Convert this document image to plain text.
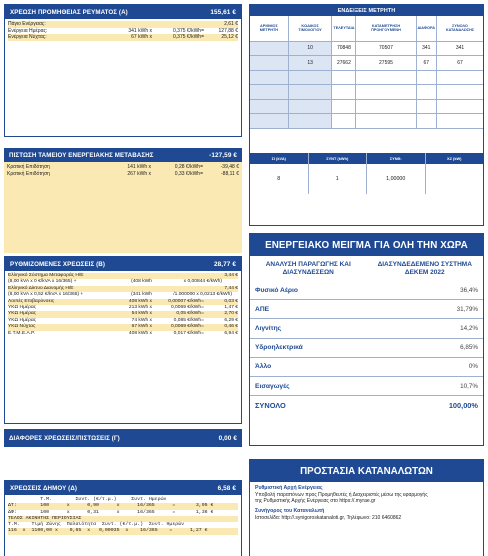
ΧΡΕΩΣΗ ΠΡΟΜΗΘΕΙΑΣ ΡΕΥΜΑΤΟΣ (Α)	155,61 €
Πάγιο Ενέργειας:	2,61 €
Ενέργεια Ημέρας:	341 kWh x	0,375 €/kWh=	127,88 €
Ενέργεια Νύχτας:	67 kWh x	0,375 €/kWh=	25,12 €
ΠΙΣΤΩΣΗ ΤΑΜΕΙΟΥ ΕΝΕΡΓΕΙΑΚΗΣ ΜΕΤΑΒΑΣΗΣ	-127,59 €
Κρατική Επιδότηση	141 kWh x	0,28 €/kWh=	-39,48 €
Κρατική Επιδότηση	267 kWh x	0,33 €/kWh=	-88,11 €
ΡΥΘΜΙΖΟΜΕΝΕΣ ΧΡΕΩΣΕΙΣ (Β)	28,77 €
Ελληνικό Σύστημα Μεταφοράς Η/Ε	3,44 €
(8,00 kVA x 0 €/kVA x 16/365) +	(408 kWh	x 0,00844 €/kWh)
Ελληνικό Δίκτυο Διανομής Η/Ε	7,44 €
(8,00 kVA x 0,52 €/kVA x 16/365) +	(341 kWh	/1.000000 x 0,0213 €/kWh)
Λοιπές Επιβαρύνσεις	408 kWh x	0,00007 €/kWh=	0,03 €
ΥΚΩ Ημέρας	213 kWh x	0,0069 €/kWh=	1,47 €
ΥΚΩ Ημέρας	54 kWh x	0,05 €/kWh=	2,70 €
ΥΚΩ Ημέρας	74 kWh x	0,085 €/kWh=	6,29 €
ΥΚΩ Νύχτας	67 kWh x	0,0069 €/kWh=	0,46 €
Ε.Τ.Μ.Ε.Α.Ρ.	408 kWh x	0,017 €/kWh=	6,94 €
ΔΙΑΦΟΡΕΣ ΧΡΕΩΣΕΙΣ/ΠΙΣΤΩΣΕΙΣ (Γ)	0,00 €
ΧΡΕΩΣΕΙΣ ΔΗΜΟΥ (Δ)	6,58 €
Τ.Μ.        Συντ. (€/τ.μ.)     Συντ. Ημερών
ΔΤ:        100      x      0,90      x      16/365      =       3,95 €
ΔΦ:        100      x      0,31      x      16/365      =       1,36 €
ΤΕΛΟΣ ΑΚΙΝΗΤΗΣ ΠΕΡΙΟΥΣΙΑΣ
Τ.Μ.    Τιμή Ζώνης  Παλαιότητα  Συντ. (€/τ.μ.)  Συντ. Ημερών
116  x  1100,00 x    0,65  x   0,00035  x    16/365    =      1,27 €
ΕΝΔΕΙΞΕΙΣ ΜΕΤΡΗΤΗ
ΑΡΙΘΜΟΣ ΜΕΤΡΗΤΗ	ΚΩΔΙΚΟΣ ΤΙΜΟΛΟΓΙΟΥ	ΤΕΛΕΥΤΑΙΑ	ΚΑΤΑΜΕΤΡΗΣΗ ΠΡΟΗΓΟΥΜΕΝΗ	ΔΙΑΦΟΡΑ	ΣΥΝΟΛΟ ΚΑΤΑΝΑΛΩΣΗΣ
	10	70848	70507	341	341
	13	27662	27595	67	67

ΣΙ (kVA)	ΣΥΝΤ (kWh)	ΣΥΝΘ.	ΧΖ (kW)
8	1	1,00000
ΕΝΕΡΓΕΙΑΚΟ ΜΕΙΓΜΑ ΓΙΑ ΟΛΗ ΤΗΝ ΧΩΡΑ
ΑΝΑΛΥΣΗ ΠΑΡΑΓΩΓΗΣ ΚΑΙ ΔΙΑΣΥΝΔΕΣΕΩΝ
ΔΙΑΣΥΝΔΕΔΕΜΕΝΟ ΣΥΣΤΗΜΑ ΔΕΚΕΜ 2022
Φυσικό Αέριο	36,4%
ΑΠΕ	31,79%
Λιγνίτης	14,2%
Υδροηλεκτρικά	6,85%
Άλλο	0%
Εισαγωγές	10,7%
ΣΥΝΟΛΟ	100,00%
ΠΡΟΣΤΑΣΙΑ ΚΑΤΑΝΑΛΩΤΩΝ
Ρυθμιστική Αρχή Ενέργειας
Υποβολή παραπόνων προς Προμηθευτές ή Διαχειριστές μέσω της εφαρμογής
της Ρυθμιστικής Αρχής Ενέργειας στο https://.myrae.gr
Συνήγορος του Καταναλωτή
Ιστοσελίδα: http://.synigoroskatanaloti.gr, Τηλέφωνο: 210 6460862
